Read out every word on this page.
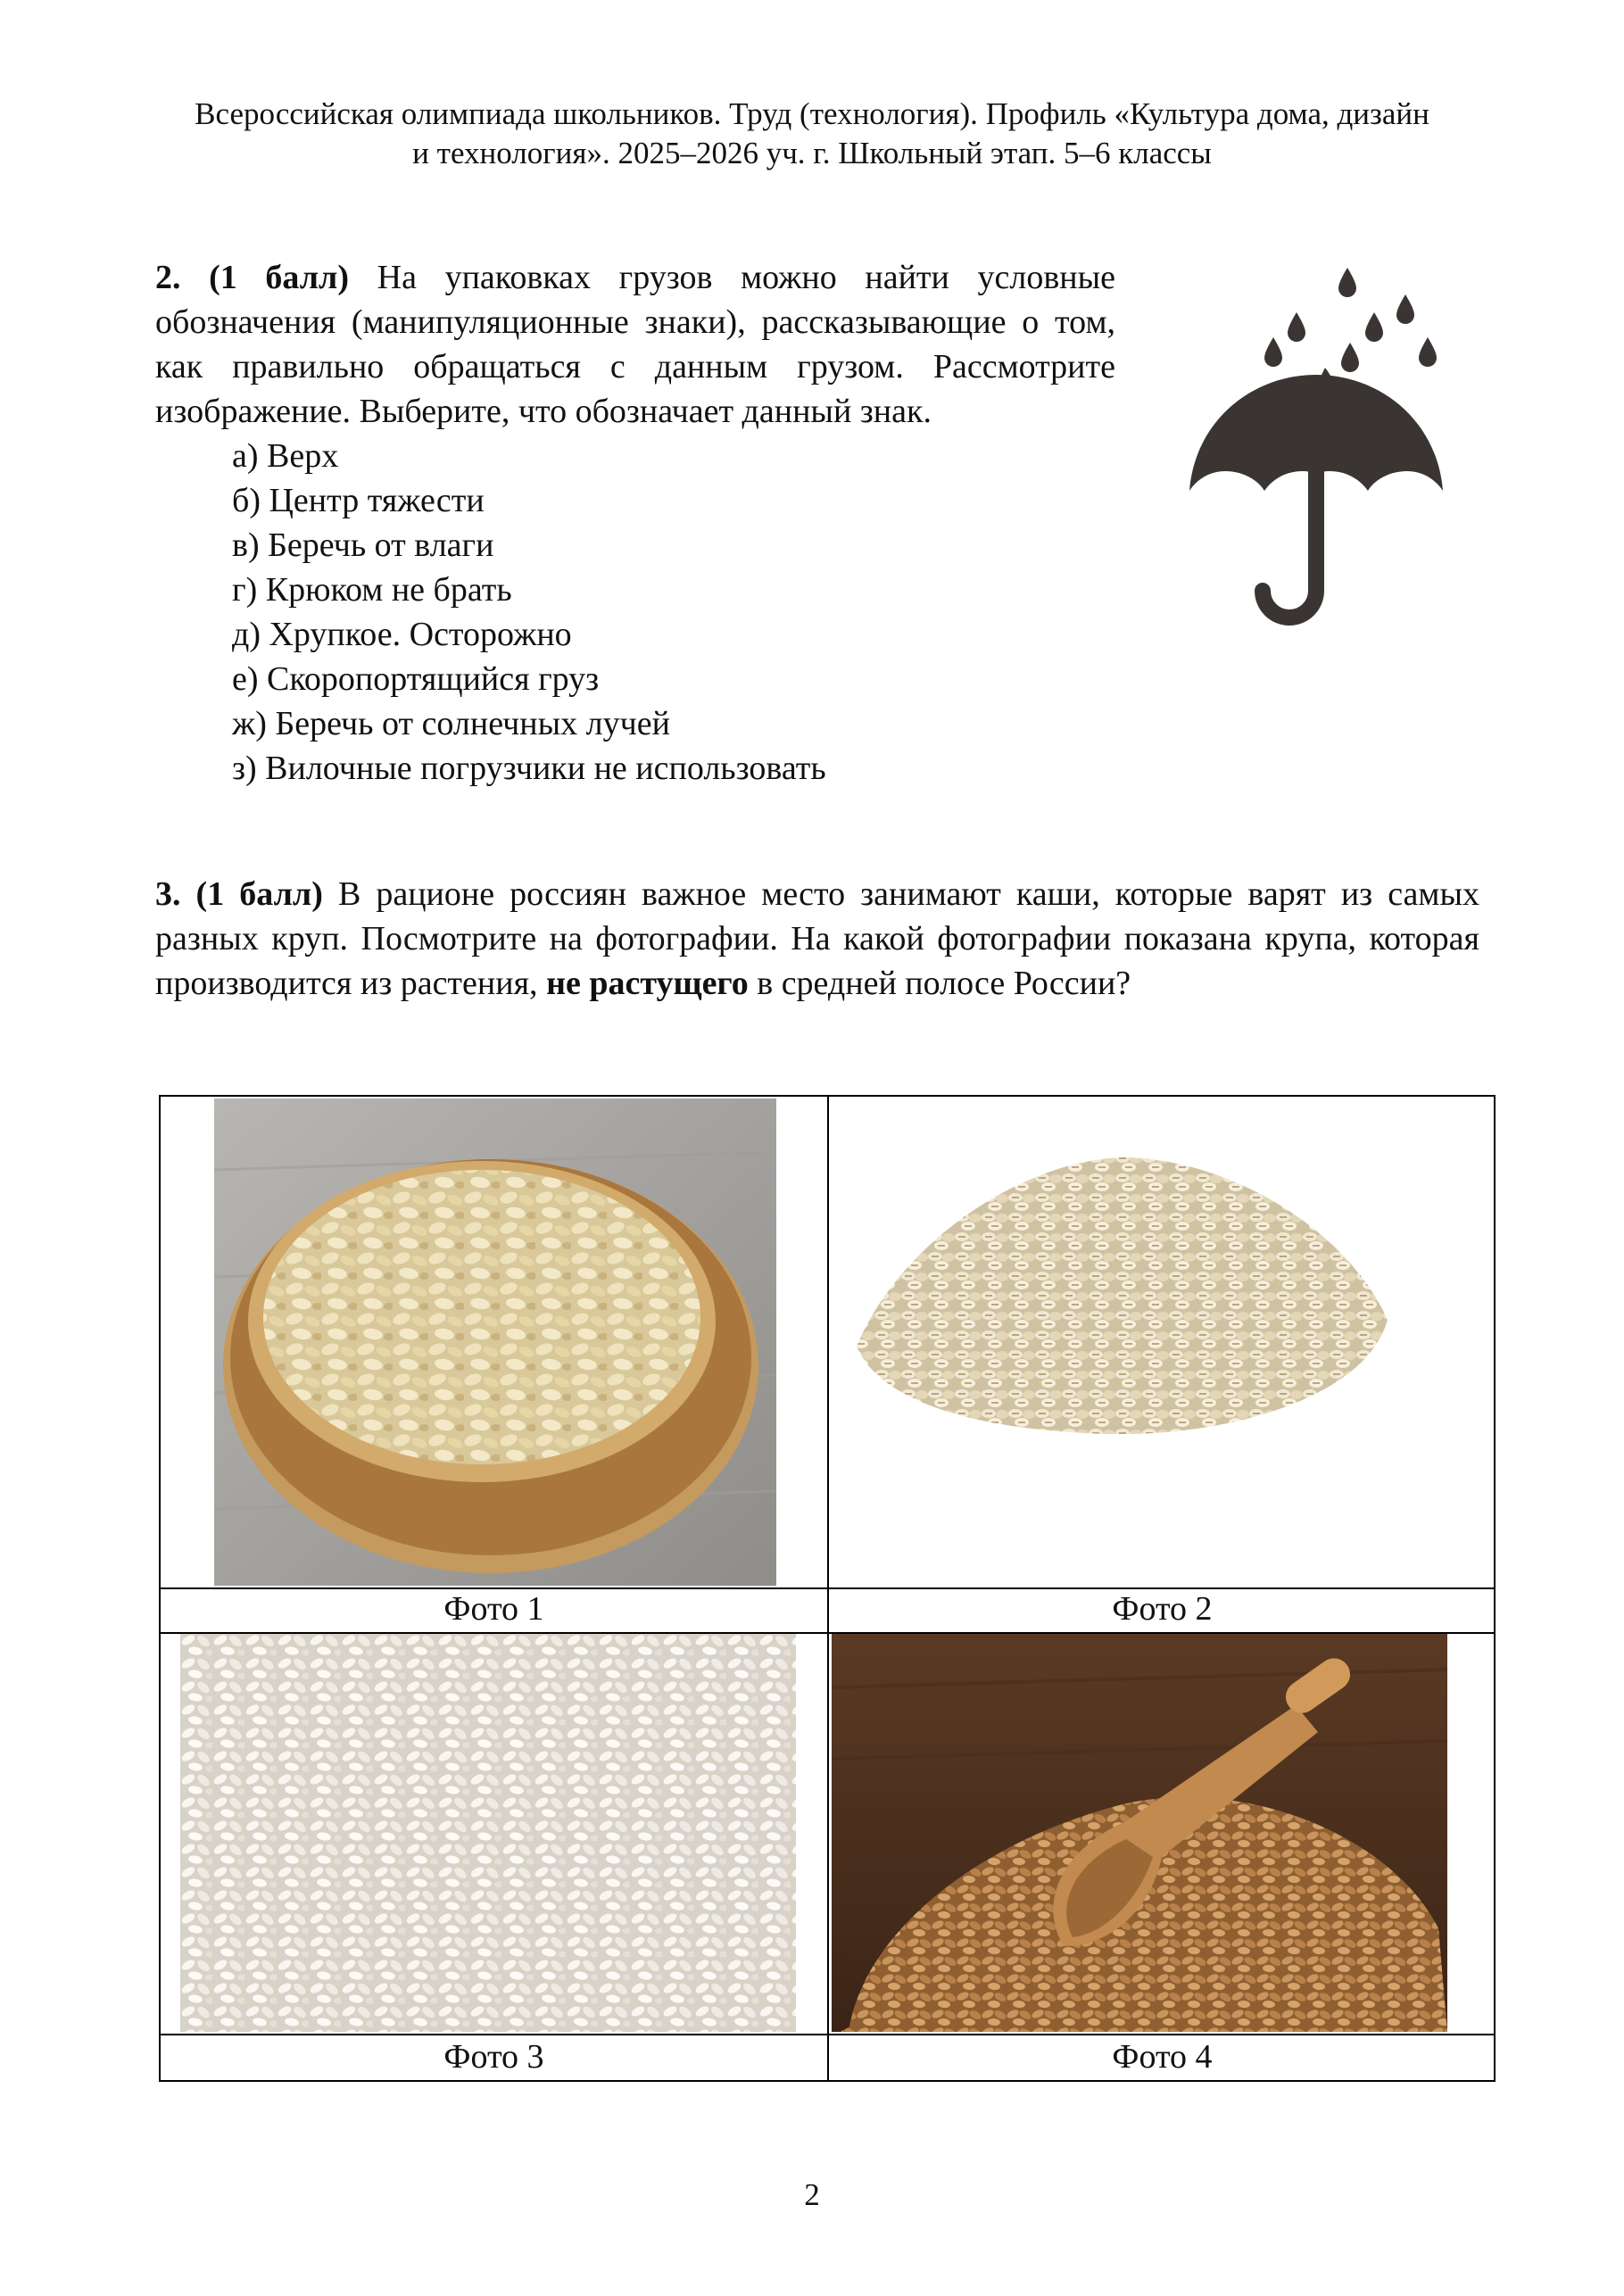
Всероссийская олимпиада школьников. Труд (технология). Профиль «Культура дома, дизайн
и технология». 2025–2026 уч. г. Школьный этап. 5–6 классы

2. (1 балл) На упаковках грузов можно найти условные обозначения (манипуляционные знаки), рассказывающие о том, как правильно обращаться с данным грузом. Рассмотрите изображение. Выберите, что обозначает данный знак.

а) Верх
б) Центр тяжести
в) Беречь от влаги
г) Крюком не брать
д) Хрупкое. Осторожно
е) Скоропортящийся груз
ж) Беречь от солнечных лучей
з) Вилочные погрузчики не использовать

3. (1 балл) В рационе россиян важное место занимают каши, которые варят из самых разных круп. Посмотрите на фотографии. На какой фотографии показана крупа, которая производится из растения, не растущего в средней полосе России?

Фото 1	Фото 2
Фото 3	Фото 4
2
